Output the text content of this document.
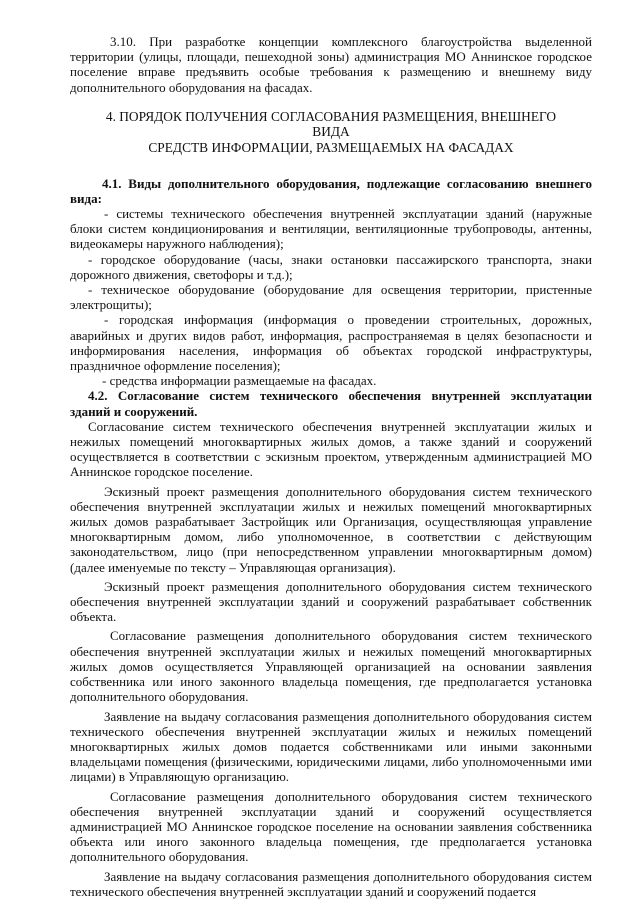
3.10. При разработке концепции комплексного благоустройства выделенной территории (улицы, площади, пешеходной зоны) администрация МО Аннинское городское поселение вправе предъявить особые требования к размещению и внешнему виду дополнительного оборудования на фасадах.

4. ПОРЯДОК ПОЛУЧЕНИЯ СОГЛАСОВАНИЯ РАЗМЕЩЕНИЯ, ВНЕШНЕГО ВИДА
СРЕДСТВ ИНФОРМАЦИИ, РАЗМЕЩАЕМЫХ НА ФАСАДАХ

4.1. Виды дополнительного оборудования, подлежащие согласованию внешнего вида:

- системы технического обеспечения внутренней эксплуатации зданий (наружные блоки систем кондиционирования и вентиляции, вентиляционные трубопроводы, антенны, видеокамеры наружного наблюдения);

- городское оборудование (часы, знаки остановки пассажирского транспорта, знаки дорожного движения, светофоры и т.д.);

- техническое оборудование (оборудование для освещения территории, пристенные электрощиты);

- городская информация (информация о проведении строительных, дорожных, аварийных и других видов работ, информация, распространяемая в целях безопасности и информирования населения, информация об объектах городской инфраструктуры, праздничное оформление поселения);

- средства информации размещаемые на фасадах.

4.2. Согласование систем технического обеспечения внутренней эксплуатации зданий и сооружений.

Согласование систем технического обеспечения внутренней эксплуатации жилых и нежилых помещений многоквартирных жилых домов, а также зданий и сооружений осуществляется в соответствии с эскизным проектом, утвержденным администрацией МО Аннинское городское поселение.

Эскизный проект размещения дополнительного оборудования систем технического обеспечения внутренней эксплуатации жилых и нежилых помещений многоквартирных жилых домов разрабатывает Застройщик или Организация, осуществляющая управление многоквартирным домом, либо уполномоченное, в соответствии с действующим законодательством, лицо (при непосредственном управлении многоквартирным домом) (далее именуемые по тексту – Управляющая организация).

Эскизный проект размещения дополнительного оборудования систем технического обеспечения внутренней эксплуатации зданий и сооружений разрабатывает собственник объекта.

Согласование размещения дополнительного оборудования систем технического обеспечения внутренней эксплуатации жилых и нежилых помещений многоквартирных жилых домов осуществляется Управляющей организацией на основании заявления собственника или иного законного владельца помещения, где предполагается установка дополнительного оборудования.

Заявление на выдачу согласования размещения дополнительного оборудования систем технического обеспечения внутренней эксплуатации жилых и нежилых помещений многоквартирных жилых домов подается собственниками или иными законными владельцами помещения (физическими, юридическими лицами, либо уполномоченными ими лицами) в Управляющую организацию.

Согласование размещения дополнительного оборудования систем технического обеспечения внутренней эксплуатации зданий и сооружений осуществляется администрацией МО Аннинское городское поселение на основании заявления собственника объекта или иного законного владельца помещения, где предполагается установка дополнительного оборудования.

Заявление на выдачу согласования размещения дополнительного оборудования систем технического обеспечения внутренней эксплуатации зданий и сооружений подается
